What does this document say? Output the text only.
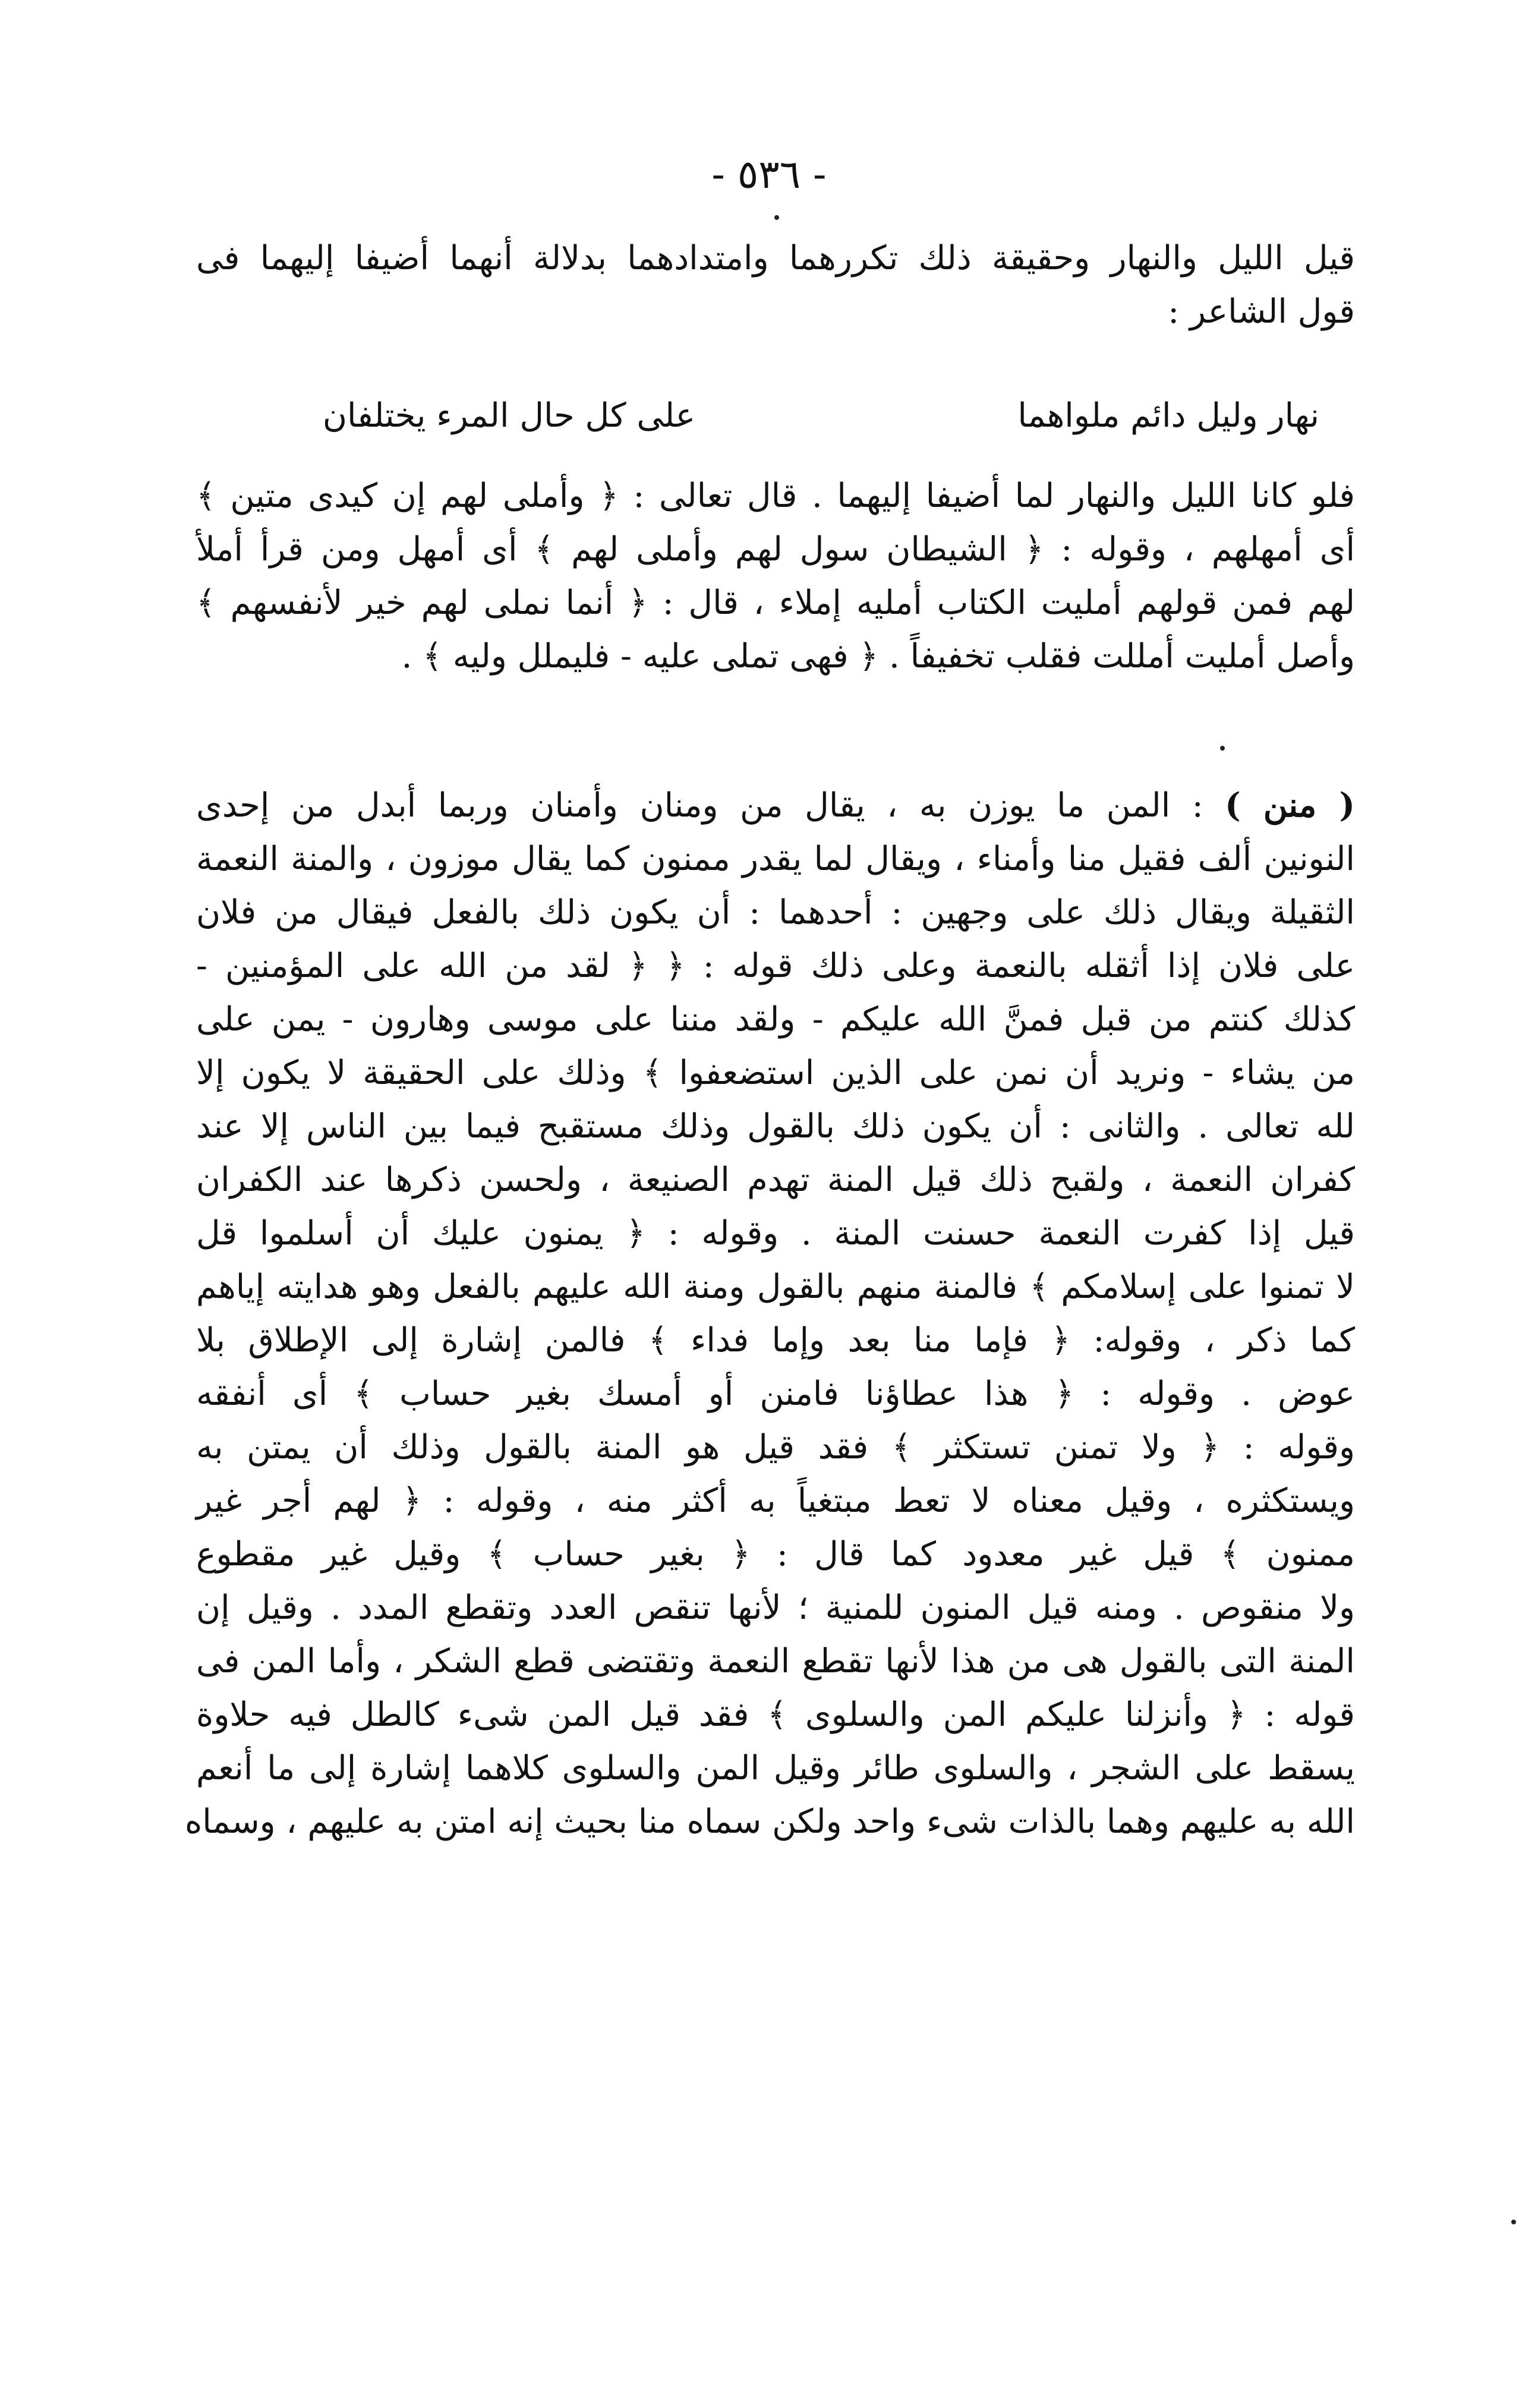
- ٥٣٦ -
قيل الليل والنهار وحقيقة ذلك تكررهما وامتدادهما بدلالة أنهما أضيفا إليهما فى
قول الشاعر :
نهار وليل دائم ملواهما
على كل حال المرء يختلفان
فلو كانا الليل والنهار لما أضيفا إليهما . قال تعالى : ﴿ وأملى لهم إن كيدى متين ﴾
أى أمهلهم ، وقوله : ﴿ الشيطان سول لهم وأملى لهم ﴾ أى أمهل ومن قرأ أملأ
لهم فمن قولهم أمليت الكتاب أمليه إملاء ، قال : ﴿ أنما نملى لهم خير لأنفسهم ﴾
وأصل أمليت أمللت فقلب تخفيفاً . ﴿ فهى تملى عليه - فليملل وليه ﴾ .
( منن ) : المن ما يوزن به ، يقال من ومنان وأمنان وربما أبدل من إحدى
النونين ألف فقيل منا وأمناء ، ويقال لما يقدر ممنون كما يقال موزون ، والمنة النعمة
الثقيلة ويقال ذلك على وجهين : أحدهما : أن يكون ذلك بالفعل فيقال من فلان
على فلان إذا أثقله بالنعمة وعلى ذلك قوله : ﴿ ﴿ لقد من الله على المؤمنين -
كذلك كنتم من قبل فمنَّ الله عليكم - ولقد مننا على موسى وهارون - يمن على
من يشاء - ونريد أن نمن على الذين استضعفوا ﴾ وذلك على الحقيقة لا يكون إلا
لله تعالى . والثانى : أن يكون ذلك بالقول وذلك مستقبح فيما بين الناس إلا عند
كفران النعمة ، ولقبح ذلك قيل المنة تهدم الصنيعة ، ولحسن ذكرها عند الكفران
قيل إذا كفرت النعمة حسنت المنة . وقوله : ﴿ يمنون عليك أن أسلموا قل
لا تمنوا على إسلامكم ﴾ فالمنة منهم بالقول ومنة الله عليهم بالفعل وهو هدايته إياهم
كما ذكر ، وقوله: ﴿ فإما منا بعد وإما فداء ﴾ فالمن إشارة إلى الإطلاق بلا
عوض . وقوله : ﴿ هذا عطاؤنا فامنن أو أمسك بغير حساب ﴾ أى أنفقه
وقوله : ﴿ ولا تمنن تستكثر ﴾ فقد قيل هو المنة بالقول وذلك أن يمتن به
ويستكثره ، وقيل معناه لا تعط مبتغياً به أكثر منه ، وقوله : ﴿ لهم أجر غير
ممنون ﴾ قيل غير معدود كما قال : ﴿ بغير حساب ﴾ وقيل غير مقطوع
ولا منقوص . ومنه قيل المنون للمنية ؛ لأنها تنقص العدد وتقطع المدد . وقيل إن
المنة التى بالقول هى من هذا لأنها تقطع النعمة وتقتضى قطع الشكر ، وأما المن فى
قوله : ﴿ وأنزلنا عليكم المن والسلوى ﴾ فقد قيل المن شىء كالطل فيه حلاوة
يسقط على الشجر ، والسلوى طائر وقيل المن والسلوى كلاهما إشارة إلى ما أنعم
الله به عليهم وهما بالذات شىء واحد ولكن سماه منا بحيث إنه امتن به عليهم ، وسماه
